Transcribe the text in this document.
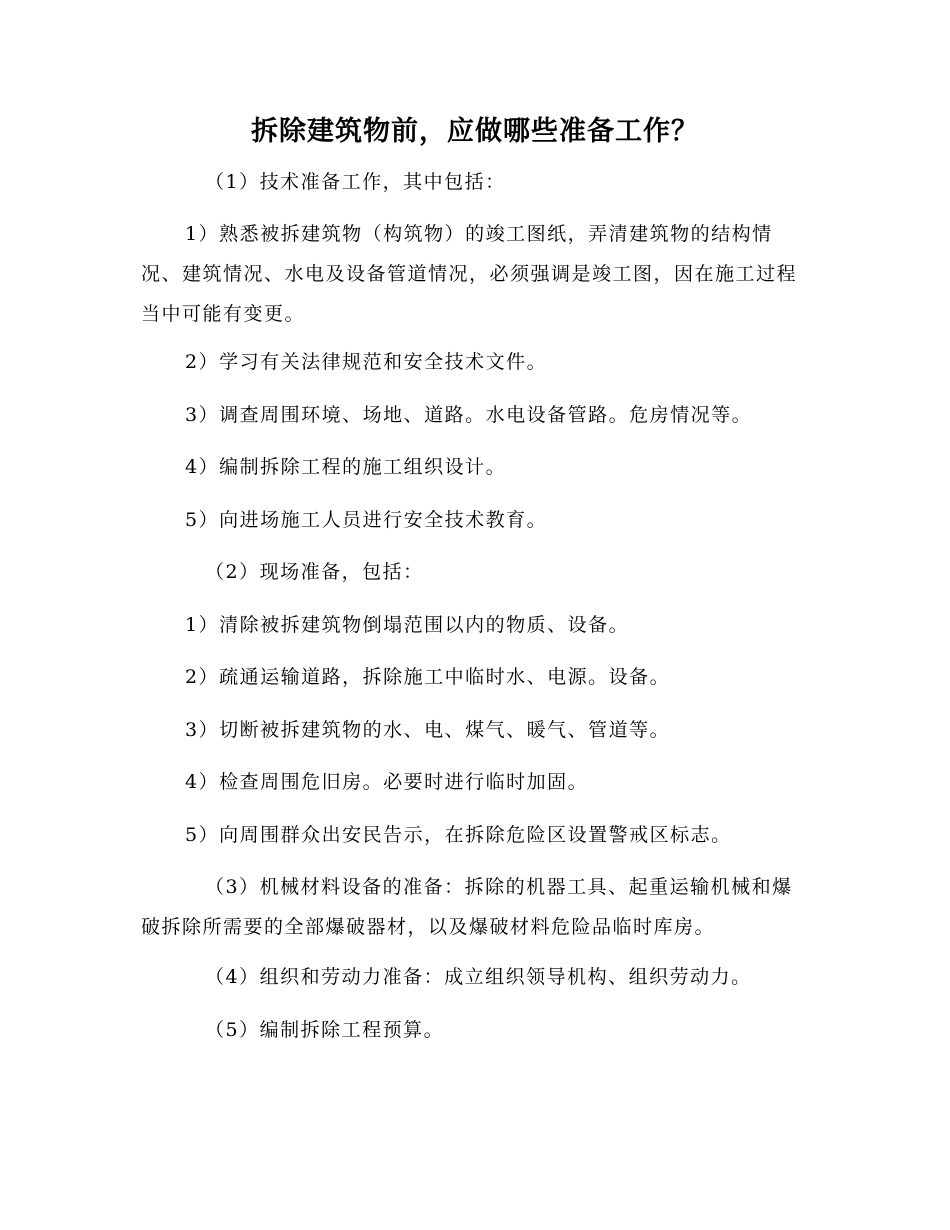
拆除建筑物前，应做哪些准备工作？

（1）技术准备工作，其中包括：

1）熟悉被拆建筑物（构筑物）的竣工图纸，弄清建筑物的结构情况、建筑情况、水电及设备管道情况，必须强调是竣工图，因在施工过程当中可能有变更。

2）学习有关法律规范和安全技术文件。

3）调查周围环境、场地、道路。水电设备管路。危房情况等。

4）编制拆除工程的施工组织设计。

5）向进场施工人员进行安全技术教育。

（2）现场准备，包括：

1）清除被拆建筑物倒塌范围以内的物质、设备。

2）疏通运输道路，拆除施工中临时水、电源。设备。

3）切断被拆建筑物的水、电、煤气、暖气、管道等。

4）检查周围危旧房。必要时进行临时加固。

5）向周围群众出安民告示，在拆除危险区设置警戒区标志。

（3）机械材料设备的准备：拆除的机器工具、起重运输机械和爆破拆除所需要的全部爆破器材，以及爆破材料危险品临时库房。

（4）组织和劳动力准备：成立组织领导机构、组织劳动力。

（5）编制拆除工程预算。
